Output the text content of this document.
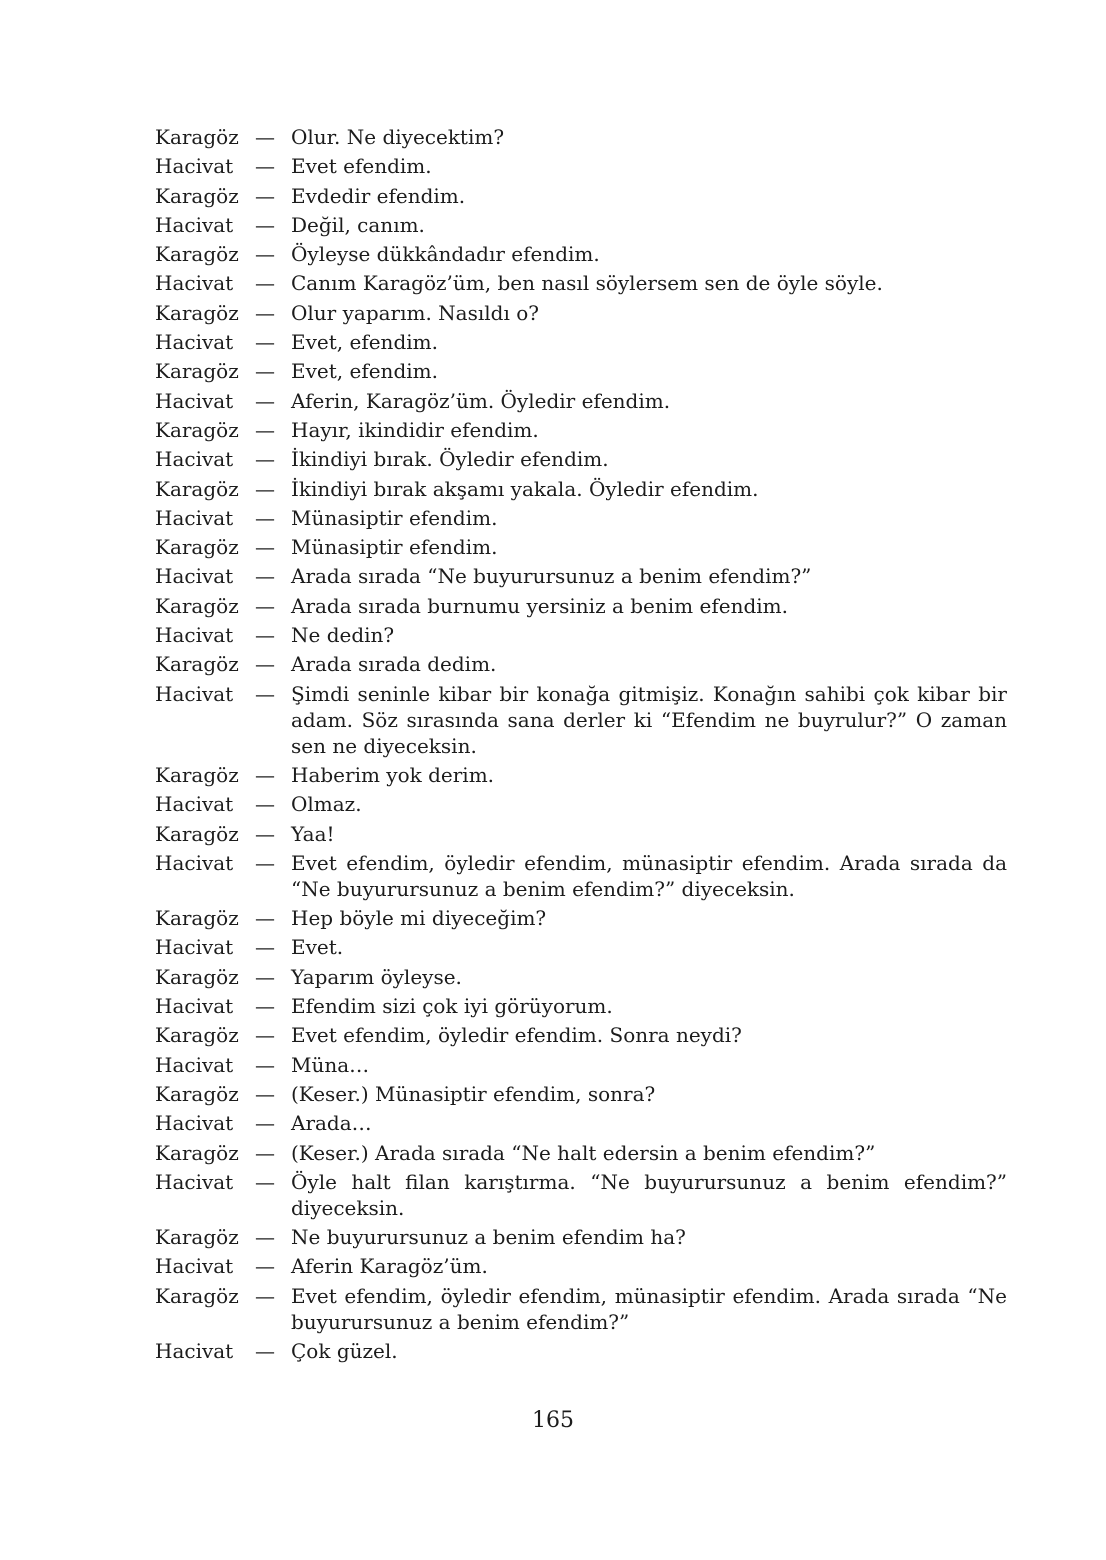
Karagöz — Olur. Ne diyecektim?
Hacivat	— Evet efendim.
Karagöz — Evdedir efendim.
Hacivat	— Değil, canım.
Karagöz — Öyleyse dükkândadır efendim.
Hacivat	— Canım Karagöz’üm, ben nasıl söylersem sen de öyle söyle.
Karagöz — Olur yaparım. Nasıldı o?
Hacivat	— Evet, efendim.
Karagöz — Evet, efendim.
Hacivat	— Aferin, Karagöz’üm. Öyledir efendim.
Karagöz — Hayır, ikindidir efendim.
Hacivat	— İkindiyi bırak. Öyledir efendim.
Karagöz — İkindiyi bırak akşamı yakala. Öyledir efendim.
Hacivat	— Münasiptir efendim.
Karagöz — Münasiptir efendim.
Hacivat	— Arada sırada “Ne buyurursunuz a benim efendim?”
Karagöz — Arada sırada burnumu yersiniz a benim efendim.
Hacivat	— Ne dedin?
Karagöz — Arada sırada dedim.
Hacivat	— Şimdi seninle kibar bir konağa gitmişiz. Konağın sahibi çok kibar bir adam. Söz sırasında sana derler ki “Efendim ne buyrulur?” O zaman sen ne diyeceksin.
Karagöz — Haberim yok derim.
Hacivat	— Olmaz.
Karagöz — Yaa!
Hacivat	— Evet efendim, öyledir efendim, münasiptir efendim. Arada sırada da “Ne buyurursunuz a benim efendim?” diyeceksin.
Karagöz — Hep böyle mi diyeceğim?
Hacivat	— Evet.
Karagöz — Yaparım öyleyse.
Hacivat	— Efendim sizi çok iyi görüyorum.
Karagöz — Evet efendim, öyledir efendim. Sonra neydi?
Hacivat	— Müna…
Karagöz — (Keser.) Münasiptir efendim, sonra?
Hacivat	— Arada…
Karagöz — (Keser.) Arada sırada “Ne halt edersin a benim efendim?”
Hacivat	— Öyle halt filan karıştırma. “Ne buyurursunuz a benim efendim?” diyeceksin.
Karagöz — Ne buyurursunuz a benim efendim ha?
Hacivat	— Aferin Karagöz’üm.
Karagöz — Evet efendim, öyledir efendim, münasiptir efendim. Arada sırada “Ne buyurursunuz a benim efendim?”
Hacivat	— Çok güzel.
165
